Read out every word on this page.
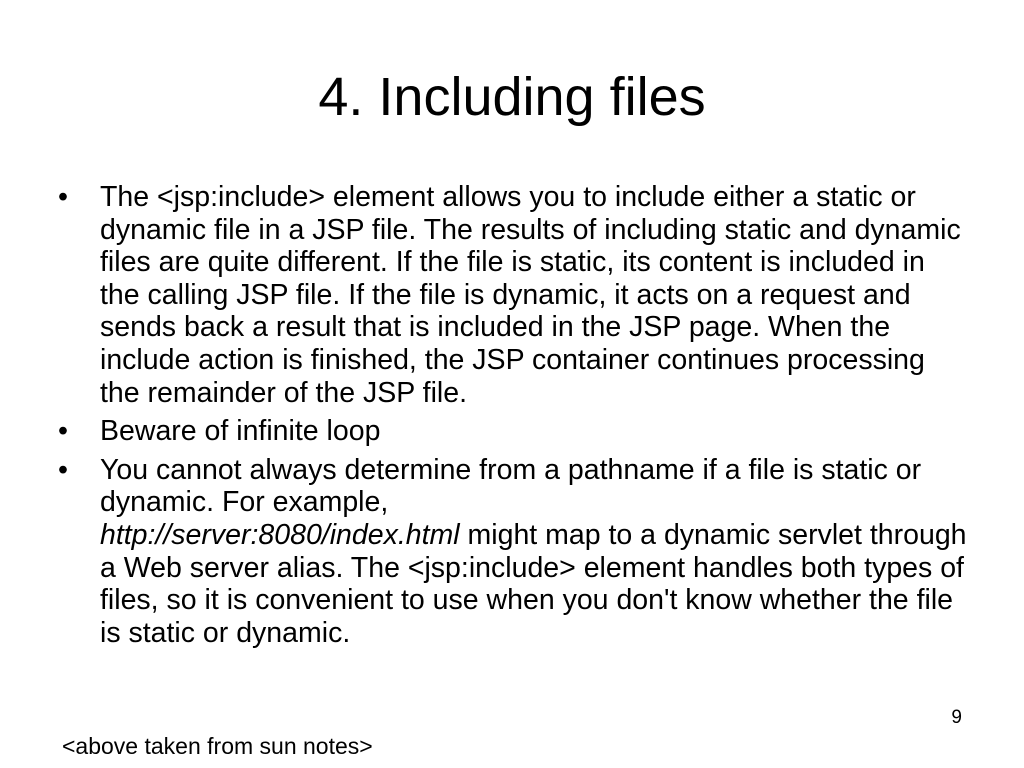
4. Including files
• The <jsp:include> element allows you to include either a static or dynamic file in a JSP file. The results of including static and dynamic files are quite different. If the file is static, its content is included in the calling JSP file. If the file is dynamic, it acts on a request and sends back a result that is included in the JSP page. When the include action is finished, the JSP container continues processing the remainder of the JSP file.
• Beware of infinite loop
• You cannot always determine from a pathname if a file is static or dynamic. For example,
http://server:8080/index.html might map to a dynamic servlet through a Web server alias. The <jsp:include> element handles both types of files, so it is convenient to use when you don't know whether the file is static or dynamic.
9
<above taken from sun notes>
